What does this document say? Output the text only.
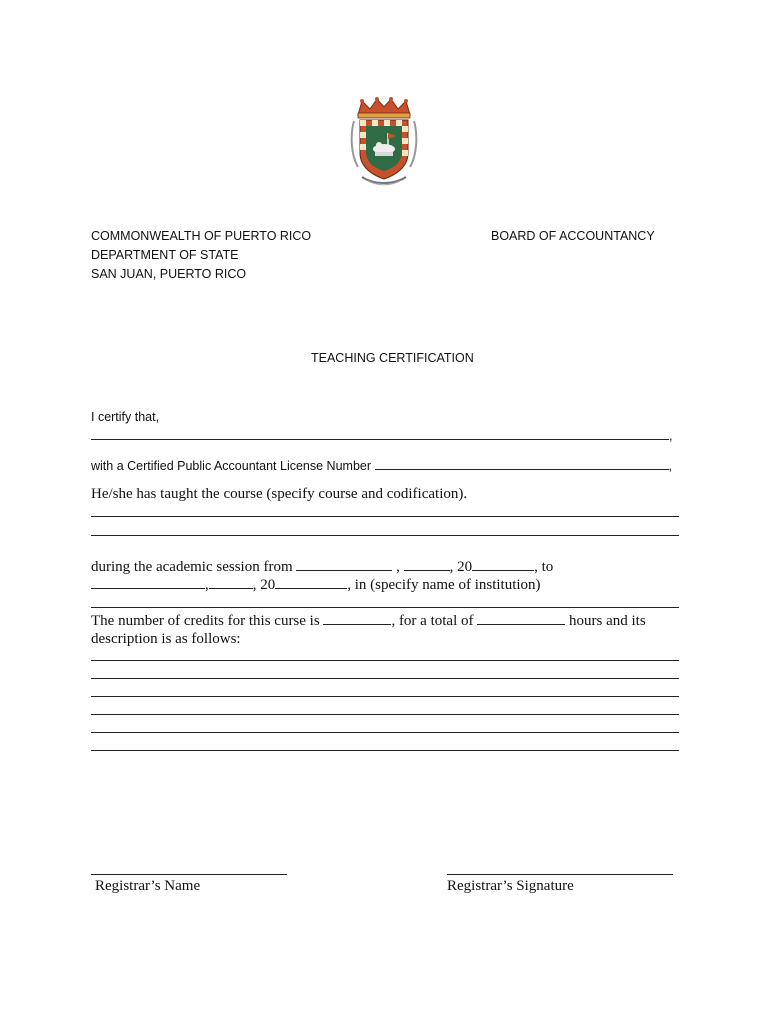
COMMONWEALTH OF PUERTO RICO
DEPARTMENT OF STATE
SAN JUAN, PUERTO RICO
BOARD OF ACCOUNTANCY
TEACHING CERTIFICATION
I certify that,
,
with a Certified Public Accountant License Number	,
He/she has taught the course (specify course and codification).
during the academic session from	,	, 20	, to
,	, 20	, in (specify name of institution)
The number of credits for this curse is	, for a total of	hours and its
description is as follows:
Registrar’s Name	Registrar’s Signature
